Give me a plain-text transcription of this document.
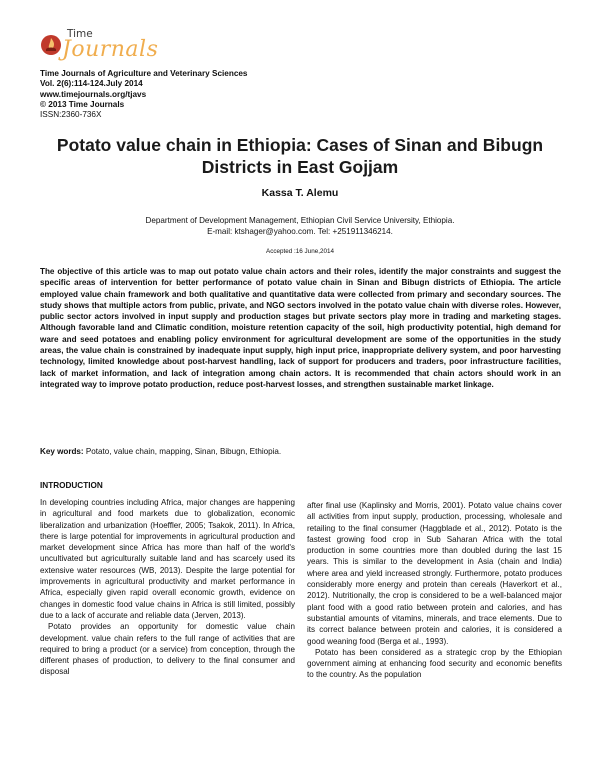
Time
Journals
Time Journals of Agriculture and Veterinary Sciences
Vol. 2(6):114-124.July 2014
www.timejournals.org/tjavs
© 2013 Time Journals
ISSN:2360-736X
Potato value chain in Ethiopia: Cases of Sinan and Bibugn Districts in East Gojjam
Kassa T. Alemu
Department of Development Management, Ethiopian Civil Service University, Ethiopia.
E-mail: ktshager@yahoo.com. Tel: +251911346214.
Accepted :16 June,2014
The objective of this article was to map out potato value chain actors and their roles, identify the major constraints and suggest the specific areas of intervention for better performance of potato value chain in Sinan and Bibugn districts of Ethiopia. The article employed value chain framework and both qualitative and quantitative data were collected from primary and secondary sources. The study shows that multiple actors from public, private, and NGO sectors involved in the potato value chain with diverse roles. However, public sector actors involved in input supply and production stages but private sectors play more in trading and marketing stages. Although favorable land and Climatic condition, moisture retention capacity of the soil, high productivity potential, high demand for ware and seed potatoes and enabling policy environment for agricultural development are some of the opportunities in the study areas, the value chain is constrained by inadequate input supply, high input price, inappropriate delivery system, and poor harvesting technology, limited knowledge about post-harvest handling, lack of support for producers and traders, poor infrastructure facilities, lack of market information, and lack of integration among chain actors. It is recommended that chain actors should work in an integrated way to improve potato production, reduce post-harvest losses, and strengthen sustainable market linkage.
Key words: Potato, value chain, mapping, Sinan, Bibugn, Ethiopia.
INTRODUCTION

In developing countries including Africa, major changes are happening in agricultural and food markets due to globalization, economic liberalization and urbanization (Hoeffler, 2005; Tsakok, 2011). In Africa, there is large potential for improvements in agricultural production and market development since Africa has more than half of the world's uncultivated but agriculturally suitable land and has scarcely used its extensive water resources (WB, 2013). Despite the large potential for improvements in agricultural productivity and market performance in Africa, especially given rapid overall economic growth, evidence on changes in domestic food value chains in Africa is still limited, possibly due to a lack of accurate and reliable data (Jerven, 2013).

Potato provides an opportunity for domestic value chain development. value chain refers to the full range of activities that are required to bring a product (or a service) from conception, through the different phases of production, to delivery to the final consumer and disposal

after final use (Kaplinsky and Morris, 2001). Potato value chains cover all activities from input supply, production, processing, wholesale and retailing to the final consumer (Haggblade et al., 2012). Potato is the fastest growing food crop in Sub Saharan Africa with the total production in some countries more than doubled during the last 15 years. This is similar to the development in Asia (chain and India) where area and yield increased strongly. Furthermore, potato produces considerably more energy and protein than cereals (Haverkort et al., 2012). Nutritionally, the crop is considered to be a well-balanced major plant food with a good ratio between protein and calories, and has substantial amounts of vitamins, minerals, and trace elements. Due to its correct balance between protein and calories, it is considered a good weaning food (Berga et al., 1993).

Potato has been considered as a strategic crop by the Ethiopian government aiming at enhancing food security and economic benefits to the country. As the population
